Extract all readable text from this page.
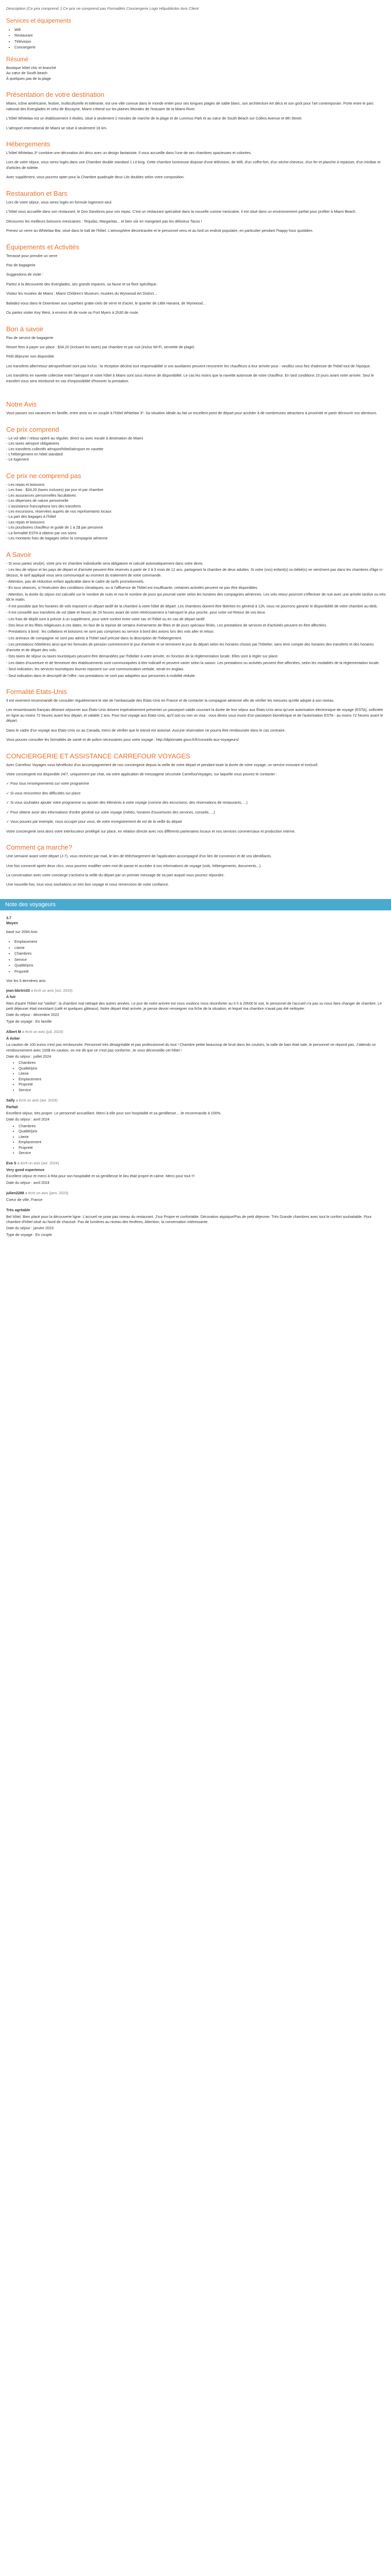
Description (Ce prix comprend :) Ce prix ne comprend pas Formalités Conciergerie Logo Hôpublicitor Avis Client

Services et équipements
• Wifi
• Restaurant
• Télévision
• Conciergerie
Résumé

Boutique hôtel chic et branché

Au cœur de South beach

À quelques pas de la plage

Présentation de votre destination

Miami, icône américaine, festive, multiculturelle et tolérante, est une ville connue dans le monde entier pour ses longues plages de sable blanc, son architecture Art déco et son goût pour l'art contemporain. Porte entre le parc national des Everglades et celui de Biscayne, Miami s'étend sur les plaines littorales de l'estuaire de la Miami River.

L'hôtel Whitelaw est un établissement 3 étoiles, situé à seulement 2 minutes de marche de la plage et de Lummus Park et au cœur de South Beach sur Collins Avenue et 8th Street.

L'aéroport international de Miami se situe à seulement 16 km.

Hébergements

L'hôtel Whitelaw 3* combine une décoration Art déco avec un design fantaisiste. Il vous accueille dans l'une de ses chambres spacieuses et colorées.

Lors de votre séjour, vous serez logés dans une Chambre double standard 1 Lit king. Cette chambre lumineuse dispose d'une télévision, de Wifi, d'un coffre-fort, d'un sèche-cheveux, d'un fer et planche à repasser, d'un minibar et d'articles de toilette.

Avec supplément, vous pourrez opter pour la Chambre quadruple deux Lits doubles selon votre composition.

Restauration et Bars

Lors de votre séjour, vous serez logés en formule logement seul.

L'hôtel vous accueille dans son restaurant, le Don Sandoros pour vos repas. C'est un restaurant spécialisé dans la nouvelle cuisine mexicaine, il est situé dans un environnement parfait pour profiter à Miami Beach.

Découvrez les meilleurs boissons mexicaines : Tequilas, Margaritas... et bien sûr en mangeant pas les délicieux Tacos !

Prenez un verre au Whitelaw Bar, situé dans le hall de l'hôtel. L'atmosphère décontractée et le personnel venu et au lord un endroit populaire, en particulier pendant l'happy hour quotidien.

Équipements et Activités

Terrasse pour prendre un verre

Pas de bagagerie

Suggestions de visite :

Partez à la découverte des Everglades, ses grands espaces, sa faune et sa flore spécifique.

Visitez les musées de Miami : Miami Children's Museum, musées du Wynwood Art District...

Baladez-vous dans le Downtown aux superbes gratte-ciels de verre et d'acier, le quartier de Little Havana, de Wynwood...

Ou partez visiter Key West, à environ 4h de route ou Fort Myers à 2h30 de route.

Bon à savoir

Pas de service de bagagerie

Resort fees à payer sur place : $34,20 (incluant les taxes) par chambre et par nuit (inclus Wi-Fi, serviette de plage)

Petit déjeuner non disponible

Les transferts aller/retour aéroport/hotel sont pas inclus : la réception décline tout responsabilité si vos auxiliaires peuvent rencontrer les chauffeurs à leur arrivée pour - veuillez vous fiez d'adresse de l'hôtel tout de l'époque.

Les transferts en navette collective entre l'aéroport et votre hôtel à Miami sont sous réserve de disponibilité. Le cas les moins que la navette autoroute de votre chauffeur. En tard conditions 15 jours avant votre arrivée. Seul le transfert vous sera reimbursé en cas d'impossibilité d'honorer la prestation.

Notre Avis

Vous passez vos vacances en famille, entre amis ou en couple à l'hôtel Whitelaw 3*. Sa situation idéale au fait un excellent point de départ pour accéder à de nombreuses attractions à proximité et partir découvrir vos alentours.

Ce prix comprend

- Le vol aller / retour opéré au régulier, direct ou avec escale à destination de Miami

- Les taxes aéroport obligatoires

- Les transferts collectifs aéroport/hôtel/aéroport en navette

- L'hébergement en hôtel standard

- Le logement

Ce prix ne comprend pas

- Les repas et boissons

- Les frais : $34,20 (taxes incluses) par jour et par chambre

- Les assurances personnelles facultatives

- Les dépenses de nature personnelle

- L'assistance francophone lors des transferts

- Les excursions, réservées auprès de nos représentants locaux

- La part des bagages à l'hôtel

- Les repas et boissons

- Les pourboires chauffeur et guide de 1 à 2$ par personne

- La formalité ESTA à obtenir par vos soins

- Les montants frais de bagages selon la compagnie aérienne

A Savoir

- Si vous partez seul(e), votre prix en chambre individuelle sera obligatoire et calculé automatiquement dans votre devis.

- Les lieu de séjour et les pays de départ et d'arrivée peuvent être réservés à partir de 2 à 3 mois de 12 ans, partageant la chambre de deux adultes. Si votre (vos) enfant(s) ou bébé(s) ne vient/nent pas dans les chambres d'âge ci-dessus, le tarif appliqué vous sera communiqué au moment du traitement de votre commande.

- Attention, pas de réduction enfant applicable dans le cadre de tarifs promotionnels.

- En tous séances, si l'exécution des conditions climatiques, ou si l'affluence de l'hôtel est insuffisante, certaines activités peuvent ne pas être disponibles.

- Attention, la durée du séjour est calculée sur le nombre de nuits et non le nombre de jours qui pourrait varier selon les horaires des compagnies aériennes. Les vols retour pourront s'effectuer de nuit avec une arrivée tardive ou très tôt le matin.

- Il est possible que les horaires de vols imposent un départ tardif de la chambre à votre hôtel de départ. Les chambres doivent être libérées en général à 12h, nous ne pourrons garantir le disponibilité de votre chambre au-delà.

- Il est conseillé aux transferts de vol (date et heure) de 24 heures avant de votre rétrécissement à l'aéroport le plus proche, pour votre vol Retour de vos lieux.

- Les frais de dépôt sont à prévoir à un supplément, pour votre confort entre votre sac et l'hôtel ou en cas de départ tardif.

- Des lieux et les fêtes religieuses à ces dates, en faut de la reprise de certains événements de fêtes et de jours spéciaux fériés. Les prestations de services et d'activités peuvent en être affectées.

- Prestations à bord : les collations et boissons ne sont pas comprises au service à bord des avions lors des vols aller et retour.

- Les animaux de compagnie ne sont pas admis à l'hôtel sauf précisé dans la description de l'hébergement.

- Les prestations hôtelières ainsi que les formules de pension commencent le jour d'arrivée et se terminent le jour du départ selon les horaires choisis par l'hôtelier, sans tenir compte des horaires des transferts et des horaires d'arrivée et de départ des vols.

- Des taxes de séjour ou taxes touristiques peuvent être demandées par l'hôtelier à votre arrivée, en fonction de la réglementation locale. Elles sont à régler sur place.

- Les dates d'ouverture et de fermeture des établissements sont communiquées à titre indicatif et peuvent varier selon la saison. Les prestations ou activités peuvent être affectées, selon les modalités de la réglementation locale.

- Seul indication, les services touristiques fournis reposent sur une communication verbale, serait en anglais.

- Seul indication dans le descriptif de l'offre, nos prestations ne sont pas adaptées aux personnes à mobilité réduite.

Formalité Etats-Unis

Il est vivement recommandé de consulter régulièrement le site de l'ambassade des Etats-Unis en France et de contacter la compagnie aérienne afin de vérifier les mesures qu'elle adopte à son niveau.

Les ressortissants français désirant séjourner aux États-Unis doivent impérativement présenter un passeport valide couvrant la durée de leur séjour aux États-Unis ainsi qu'une autorisation électronique de voyage (ESTA), sollicitée en ligne au moins 72 heures avant leur départ, et valable 2 ans. Pour tout voyage aux Etats-Unis, qu'il soit ou non un visa : vous devez vous munir d'un passeport biométrique et de l'autorisation ESTA - au moins 72 heures avant le départ.

Dans le cadre d'un voyage aux Etats-Unis ou au Canada, merci de vérifier que le transit est autorisé. Aucune réservation ne pourra être remboursée dans le cas contraire.

Vous pouvez consulter les formalités de santé et de police nécessaires pour votre voyage : http://diplomatie.gouv.fr/fr/conseils-aux-voyageurs/

CONCIERGERIE ET ASSISTANCE CARREFOUR VOYAGES

Avec Carrefour Voyages vous bénéficiez d'un accompagnement de nos conciergerie depuis la veille de votre départ et pendant toute la durée de votre voyage, un service innovant et exclusif.

Votre conciergerie est disponible 24/7, uniquement par chat, via votre application de messagerie sécurisée CarrefourVoyages, sur laquelle vous pouvez le contacter :

✓ Pour tous renseignements sur votre programme

✓ Si vous rencontrez des difficultés sur place

✓ Si vous souhaitez ajouter votre programme ou ajouter des éléments à votre voyage (comme des excursions, des réservations de restaurants, ...)

✓ Pour obtenir avoir des informations d'ordre général sur votre voyage (météo, horaires d'ouvertures des services, conseils, ...)

✓ Vous pouvez par exemple, nous occuper pour vous, de votre enregistrement de vol de la veille du départ

Votre conciergerie sera alors votre interlocuteur privilégié sur place, en relation directe avec nos différents partenaires locaux et nos services commerciaux et production interne.

Comment ça marche?

Une semaine avant votre départ (J-7), vous recevrez par mail, le lien de téléchargement de l'application accompagné d'un lien de connexion et de vos identifiants.

Une fois connecté après deux clics, vous pourrez modifier votre mot de passe et accéder à vos informations de voyage (vols, hébergements, documents...).

La conversation avec votre concierge s'activera la veille du départ par un premier message de sa part auquel vous pourrez répondre.

Une nouvelle fois, tous vous souhaitons un très bon voyage et nous remercions de votre confiance.

Note des voyageurs

3.7

Moyen

basé sur 2094 Avis

• Emplacement
• Literie
• Chambres
• Service
• Qualité/prix
• Propreté

Voir les 5 dernières avis

jean-bbrtrn33 a écrit un avis (oct. 2024)

A fuir

Rien d'autre l'hôtel est "vieillot", la chambre mal rattrapé des autres années. Le jour de notre arrivée est nous voulions nous réconforter au 5 h à 20h00 le soir, le personnel de l'accueil n'a pas su nous faire changer de chambre. Le petit déjeuner était inexistant (café et quelques gâteaux). Notre départ était arrivée, je pense devoir renseigner ma fiche de la situation, et lequel ma chambre n'avait pas été nettoyée.

Date du séjour : décembre 2022

Type de voyage : En famille

Albert M a écrit un avis (juil. 2024)

À éviter

La caution de 100 euros n'est pas remboursée. Personnel très désagréable et pas professionnel du tout ! Chambre petite beaucoup de bruit dans les couloirs, la salle de bain était sale, le personnel ne répond pas. J'attends un remboursement avec 100$ en caution, on me dit que ce n'est pas conforme. Je vous déconseille cet hôtel !

Date du séjour : juillet 2024

• Chambres
• Qualité/prix
• Literie
• Emplacement
• Propreté
• Service

Sally a écrit un avis (avr. 2024)

Parfait

Excellent séjour, très propre. Le personnel accueillant. Merci à elle pour son hospitalité et sa gentillesse... Je recommande à 100%.

Date du séjour : avril 2024

• Chambres
• Qualité/prix
• Literie
• Emplacement
• Propreté
• Service

Eva S a écrit un avis (avr. 2024)

Very good experience

Excellent séjour et merci à Rita pour son hospitalité et sa gentillesse le lieu était propre et calme. Merci pour tout !!!

Date du séjour : avril 2024

julien2288 a écrit un avis (janv. 2023)

Coeur de ville, France

Très agréable

Bel hôtel. Bien placé pour la découverte ligne. L'accueil ne pose pas niveau du restaurant. J'sur Propre et confortable. Décoration atypique/Pas de petit déjeuner. Très Grande chambres avec tout le confort souhaitable. Pour chambre d'hôtel situé au Nord de chaussé. Pas de lumières au niveau des fenêtres, Attention, la conversation intéressante.

Date du séjour : janvier 2023

Type de voyage : En couple
